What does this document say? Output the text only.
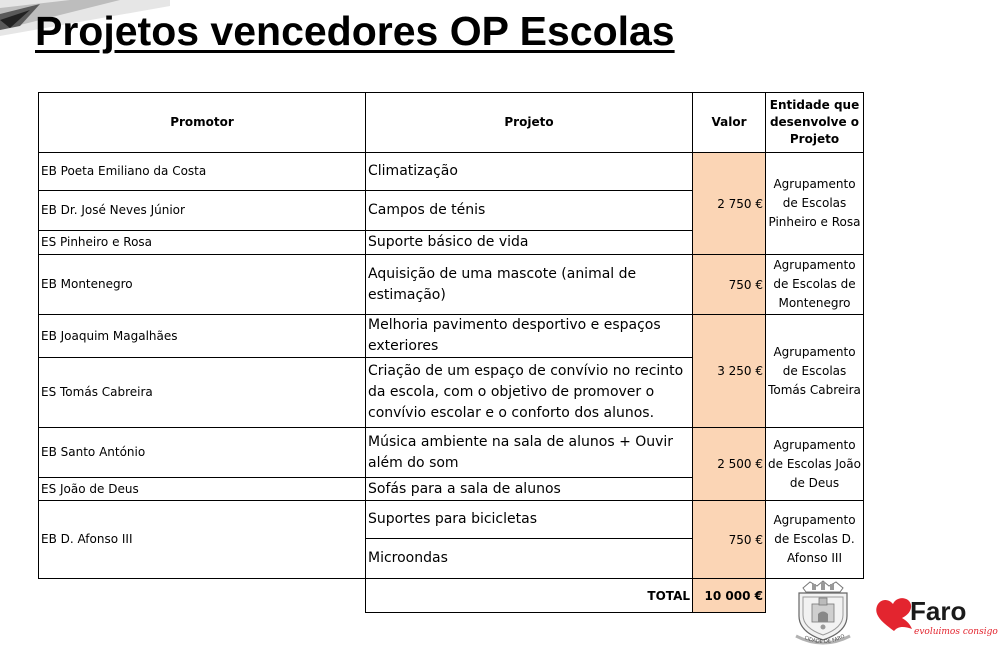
Projetos vencedores OP Escolas
Promotor	Projeto	Valor	Entidade que desenvolve o Projeto
EB Poeta Emiliano da Costa	Climatização	2 750 €	Agrupamento de Escolas Pinheiro e Rosa
EB Dr. José Neves Júnior	Campos de ténis		
ES Pinheiro e Rosa	Suporte básico de vida		
EB Montenegro	Aquisição de uma mascote (animal de estimação)	750 €	Agrupamento de Escolas de Montenegro
EB Joaquim Magalhães	Melhoria pavimento desportivo e espaços exteriores	3 250 €	Agrupamento de Escolas Tomás Cabreira
ES Tomás Cabreira	Criação de um espaço de convívio no recinto da escola, com o objetivo de promover o convívio escolar e o conforto dos alunos.		
EB Santo António	Música ambiente na sala de alunos + Ouvir além do som	2 500 €	Agrupamento de Escolas João de Deus
ES João de Deus	Sofás para a sala de alunos		
EB D. Afonso III	Suportes para bicicletas	750 €	Agrupamento de Escolas D. Afonso III
	Microondas		
	TOTAL	10 000 €	
CIDADE DE FARO
Faro
evoluimos consigo
